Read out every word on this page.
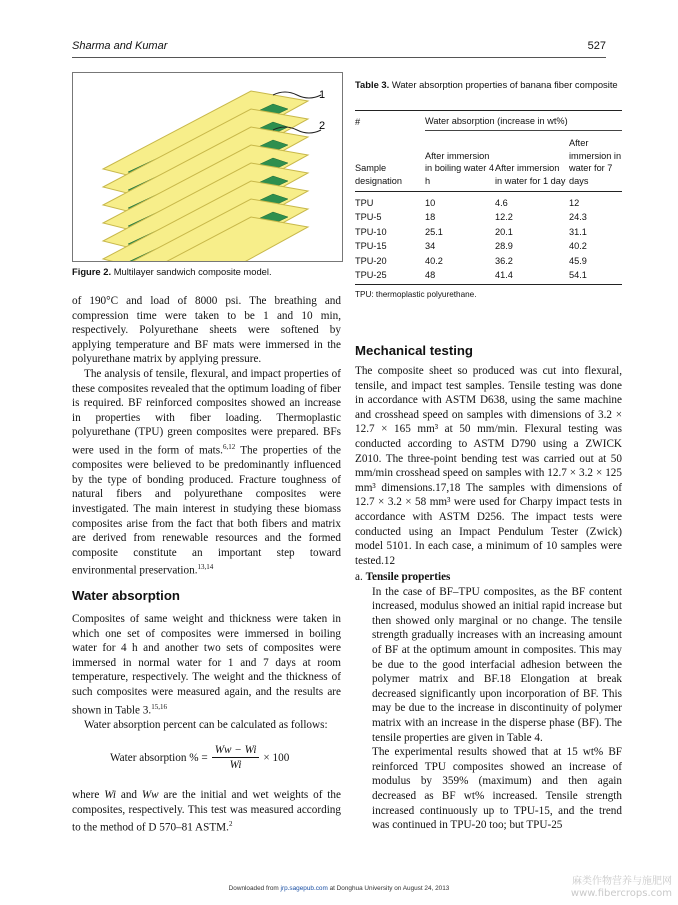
Sharma and Kumar	527
1
2
Figure 2. Multilayer sandwich composite model.

of 190°C and load of 8000 psi. The breathing and compression time were taken to be 1 and 10 min, respectively. Polyurethane sheets were softened by applying temperature and BF mats were immersed in the polyurethane matrix by applying pressure.

The analysis of tensile, flexural, and impact properties of these composites revealed that the optimum loading of fiber is required. BF reinforced composites showed an increase in properties with fiber loading. Thermoplastic polyurethane (TPU) green composites were prepared. BFs were used in the form of mats.$^{6,12}$ The properties of the composites were believed to be predominantly influenced by the type of bonding produced. Fracture toughness of natural fibers and polyurethane composites were investigated. The main interest in studying these biomass composites arise from the fact that both fibers and matrix are derived from renewable resources and the formed composite constitute an important step toward environmental preservation.$^{13,14}$

Water absorption

Composites of same weight and thickness were taken in which one set of composites were immersed in boiling water for 4 h and another two sets of composites were immersed in normal water for 1 and 7 days at room temperature, respectively. The weight and the thickness of such composites were measured again, and the results are shown in Table 3.$^{15,16}$

Water absorption percent can be calculated as follows:

Water absorption % = $\frac{Ww - Wi}{Wi} \times 100$

where Wi and Ww are the initial and wet weights of the composites, respectively. This test was measured according to the method of D 570–81 ASTM.$^2$

Table 3. Water absorption properties of banana fiber composite
#	Water absorption (increase in wt%)		
Sample designation	After immersion in boiling water 4 h	After immersion in water for 1 day	After immersion in water for 7 days
TPU	10	4.6	12
TPU-5	18	12.2	24.3
TPU-10	25.1	20.1	31.1
TPU-15	34	28.9	40.2
TPU-20	40.2	36.2	45.9
TPU-25	48	41.4	54.1
TPU: thermoplastic polyurethane.
Mechanical testing

The composite sheet so produced was cut into flexural, tensile, and impact test samples. Tensile testing was done in accordance with ASTM D638, using the same machine and crosshead speed on samples with dimensions of 3.2 × 12.7 × 165 mm³ at 50 mm/min. Flexural testing was conducted according to ASTM D790 using a ZWICK Z010. The three-point bending test was carried out at 50 mm/min crosshead speed on samples with 12.7 × 3.2 × 125 mm³ dimensions.17,18 The samples with dimensions of 12.7 × 3.2 × 58 mm³ were used for Charpy impact tests in accordance with ASTM D256. The impact tests were conducted using an Impact Pendulum Tester (Zwick) model 5101. In each case, a minimum of 10 samples were tested.12

a. Tensile properties

In the case of BF–TPU composites, as the BF content increased, modulus showed an initial rapid increase but then showed only marginal or no change. The tensile strength gradually increases with an increasing amount of BF at the optimum amount in composites. This may be due to the good interfacial adhesion between the polymer matrix and BF.18 Elongation at break decreased significantly upon incorporation of BF. This may be due to the increase in discontinuity of polymer matrix with an increase in the disperse phase (BF). The tensile properties are given in Table 4.

The experimental results showed that at 15 wt% BF reinforced TPU composites showed an increase of modulus by 359% (maximum) and then again decreased as BF wt% increased. Tensile strength increased continuously up to TPU-15, and the trend was continued in TPU-20 too; but TPU-25

Downloaded from jrp.sagepub.com at Donghua University on August 24, 2013
麻类作物营养与施肥网
www.fibercrops.com
